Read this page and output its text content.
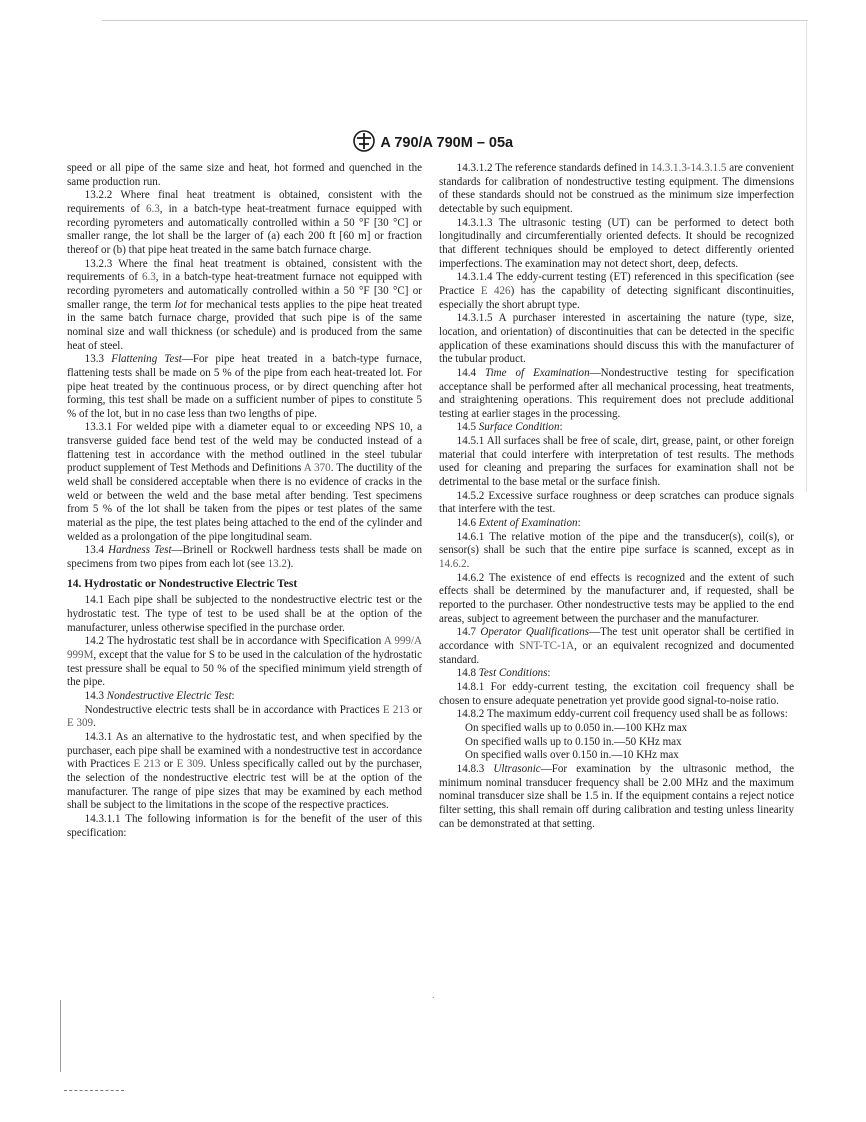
A 790/A 790M – 05a

speed or all pipe of the same size and heat, hot formed and quenched in the same production run.

13.2.2 Where final heat treatment is obtained, consistent with the requirements of 6.3, in a batch-type heat-treatment furnace equipped with recording pyrometers and automatically controlled within a 50 °F [30 °C] or smaller range, the lot shall be the larger of (a) each 200 ft [60 m] or fraction thereof or (b) that pipe heat treated in the same batch furnace charge.

13.2.3 Where the final heat treatment is obtained, consistent with the requirements of 6.3, in a batch-type heat-treatment furnace not equipped with recording pyrometers and automatically controlled within a 50 °F [30 °C] or smaller range, the term lot for mechanical tests applies to the pipe heat treated in the same batch furnace charge, provided that such pipe is of the same nominal size and wall thickness (or schedule) and is produced from the same heat of steel.

13.3 Flattening Test—For pipe heat treated in a batch-type furnace, flattening tests shall be made on 5 % of the pipe from each heat-treated lot. For pipe heat treated by the continuous process, or by direct quenching after hot forming, this test shall be made on a sufficient number of pipes to constitute 5 % of the lot, but in no case less than two lengths of pipe.

13.3.1 For welded pipe with a diameter equal to or exceeding NPS 10, a transverse guided face bend test of the weld may be conducted instead of a flattening test in accordance with the method outlined in the steel tubular product supplement of Test Methods and Definitions A 370. The ductility of the weld shall be considered acceptable when there is no evidence of cracks in the weld or between the weld and the base metal after bending. Test specimens from 5 % of the lot shall be taken from the pipes or test plates of the same material as the pipe, the test plates being attached to the end of the cylinder and welded as a prolongation of the pipe longitudinal seam.

13.4 Hardness Test—Brinell or Rockwell hardness tests shall be made on specimens from two pipes from each lot (see 13.2).

14. Hydrostatic or Nondestructive Electric Test

14.1 Each pipe shall be subjected to the nondestructive electric test or the hydrostatic test. The type of test to be used shall be at the option of the manufacturer, unless otherwise specified in the purchase order.

14.2 The hydrostatic test shall be in accordance with Specification A 999/A 999M, except that the value for S to be used in the calculation of the hydrostatic test pressure shall be equal to 50 % of the specified minimum yield strength of the pipe.

14.3 Nondestructive Electric Test:

Nondestructive electric tests shall be in accordance with Practices E 213 or E 309.

14.3.1 As an alternative to the hydrostatic test, and when specified by the purchaser, each pipe shall be examined with a nondestructive test in accordance with Practices E 213 or E 309. Unless specifically called out by the purchaser, the selection of the nondestructive electric test will be at the option of the manufacturer. The range of pipe sizes that may be examined by each method shall be subject to the limitations in the scope of the respective practices.

14.3.1.1 The following information is for the benefit of the user of this specification:

14.3.1.2 The reference standards defined in 14.3.1.3-14.3.1.5 are convenient standards for calibration of nondestructive testing equipment. The dimensions of these standards should not be construed as the minimum size imperfection detectable by such equipment.

14.3.1.3 The ultrasonic testing (UT) can be performed to detect both longitudinally and circumferentially oriented defects. It should be recognized that different techniques should be employed to detect differently oriented imperfections. The examination may not detect short, deep, defects.

14.3.1.4 The eddy-current testing (ET) referenced in this specification (see Practice E 426) has the capability of detecting significant discontinuities, especially the short abrupt type.

14.3.1.5 A purchaser interested in ascertaining the nature (type, size, location, and orientation) of discontinuities that can be detected in the specific application of these examinations should discuss this with the manufacturer of the tubular product.

14.4 Time of Examination—Nondestructive testing for specification acceptance shall be performed after all mechanical processing, heat treatments, and straightening operations. This requirement does not preclude additional testing at earlier stages in the processing.

14.5 Surface Condition:

14.5.1 All surfaces shall be free of scale, dirt, grease, paint, or other foreign material that could interfere with interpretation of test results. The methods used for cleaning and preparing the surfaces for examination shall not be detrimental to the base metal or the surface finish.

14.5.2 Excessive surface roughness or deep scratches can produce signals that interfere with the test.

14.6 Extent of Examination:

14.6.1 The relative motion of the pipe and the transducer(s), coil(s), or sensor(s) shall be such that the entire pipe surface is scanned, except as in 14.6.2.

14.6.2 The existence of end effects is recognized and the extent of such effects shall be determined by the manufacturer and, if requested, shall be reported to the purchaser. Other nondestructive tests may be applied to the end areas, subject to agreement between the purchaser and the manufacturer.

14.7 Operator Qualifications—The test unit operator shall be certified in accordance with SNT-TC-1A, or an equivalent recognized and documented standard.

14.8 Test Conditions:

14.8.1 For eddy-current testing, the excitation coil frequency shall be chosen to ensure adequate penetration yet provide good signal-to-noise ratio.

14.8.2 The maximum eddy-current coil frequency used shall be as follows:

On specified walls up to 0.050 in.—100 KHz max

On specified walls up to 0.150 in.—50 KHz max

On specified walls over 0.150 in.—10 KHz max

14.8.3 Ultrasonic—For examination by the ultrasonic method, the minimum nominal transducer frequency shall be 2.00 MHz and the maximum nominal transducer size shall be 1.5 in. If the equipment contains a reject notice filter setting, this shall remain off during calibration and testing unless linearity can be demonstrated at that setting.

.
